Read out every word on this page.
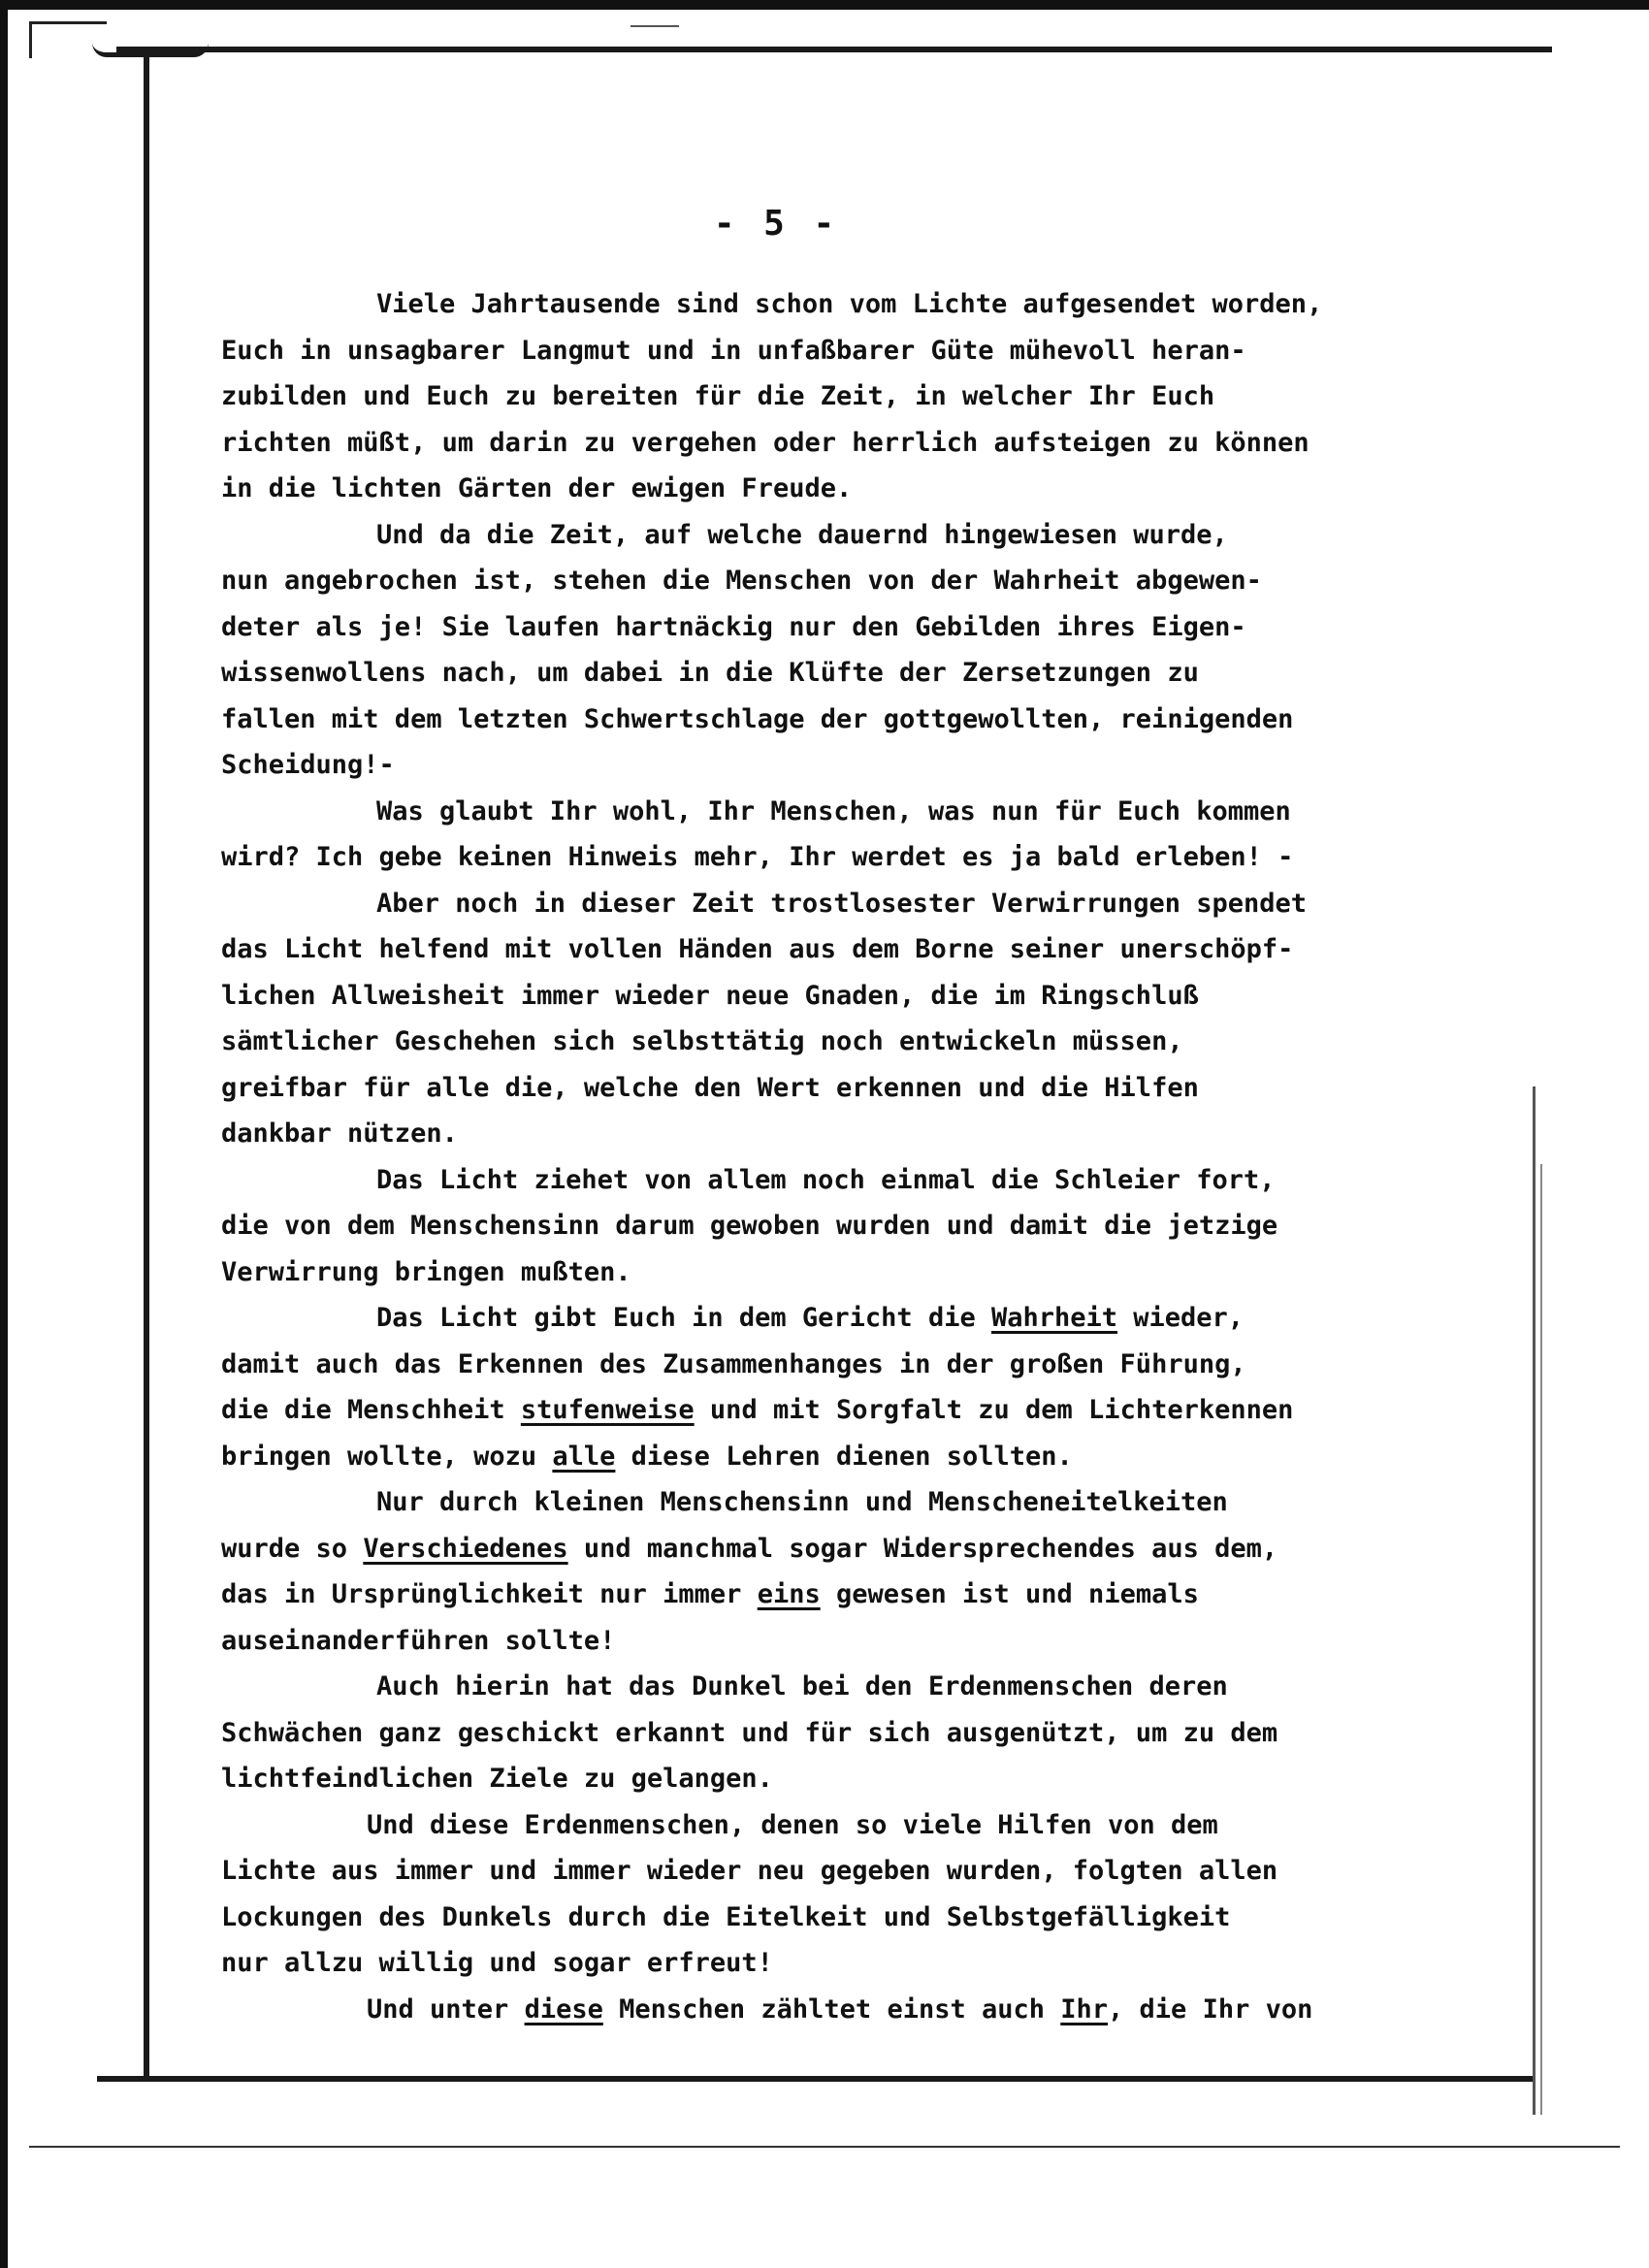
- 5 -
Viele Jahrtausende sind schon vom Lichte aufgesendet worden,
Euch in unsagbarer Langmut und in unfaßbarer Güte mühevoll heran-
zubilden und Euch zu bereiten für die Zeit, in welcher Ihr Euch
richten müßt, um darin zu vergehen oder herrlich aufsteigen zu können
in die lichten Gärten der ewigen Freude.
Und da die Zeit, auf welche dauernd hingewiesen wurde,
nun angebrochen ist, stehen die Menschen von der Wahrheit abgewen-
deter als je! Sie laufen hartnäckig nur den Gebilden ihres Eigen-
wissenwollens nach, um dabei in die Klüfte der Zersetzungen zu
fallen mit dem letzten Schwertschlage der gottgewollten, reinigenden
Scheidung!-
Was glaubt Ihr wohl, Ihr Menschen, was nun für Euch kommen
wird? Ich gebe keinen Hinweis mehr, Ihr werdet es ja bald erleben! -
Aber noch in dieser Zeit trostlosester Verwirrungen spendet
das Licht helfend mit vollen Händen aus dem Borne seiner unerschöpf-
lichen Allweisheit immer wieder neue Gnaden, die im Ringschluß
sämtlicher Geschehen sich selbsttätig noch entwickeln müssen,
greifbar für alle die, welche den Wert erkennen und die Hilfen
dankbar nützen.
Das Licht ziehet von allem noch einmal die Schleier fort,
die von dem Menschensinn darum gewoben wurden und damit die jetzige
Verwirrung bringen mußten.
Das Licht gibt Euch in dem Gericht die Wahrheit wieder,
damit auch das Erkennen des Zusammenhanges in der großen Führung,
die die Menschheit stufenweise und mit Sorgfalt zu dem Lichterkennen
bringen wollte, wozu alle diese Lehren dienen sollten.
Nur durch kleinen Menschensinn und Menscheneitelkeiten
wurde so Verschiedenes und manchmal sogar Widersprechendes aus dem,
das in Ursprünglichkeit nur immer eins gewesen ist und niemals
auseinanderführen sollte!
Auch hierin hat das Dunkel bei den Erdenmenschen deren
Schwächen ganz geschickt erkannt und für sich ausgenützt, um zu dem
lichtfeindlichen Ziele zu gelangen.
Und diese Erdenmenschen, denen so viele Hilfen von dem
Lichte aus immer und immer wieder neu gegeben wurden, folgten allen
Lockungen des Dunkels durch die Eitelkeit und Selbstgefälligkeit
nur allzu willig und sogar erfreut!
Und unter diese Menschen zähltet einst auch Ihr, die Ihr von
